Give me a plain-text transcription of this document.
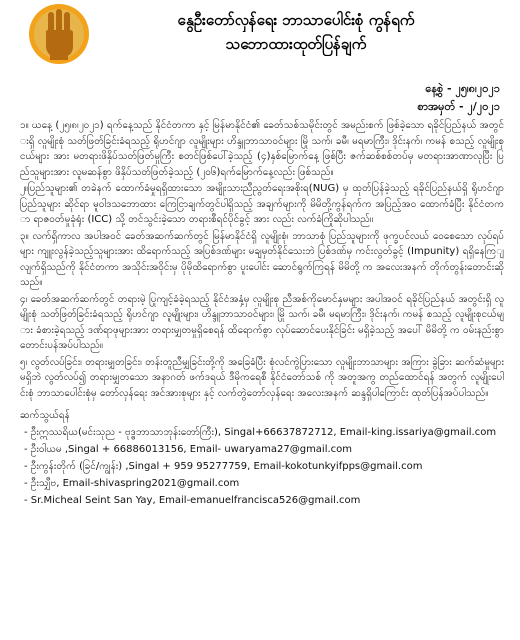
နွေဦးတော်လှန်ရေး ဘာသာပေါင်းစုံ ကွန်ရက်
သဘောထားထုတ်ပြန်ချက်
နေ့စွဲ - ၂၅၊၈၊၂၀၂၁
စာအမှတ် - ၂/၂၀၂၁

၁။ ယနေ့ (၂၅၊၈၊၂၀၂၁) ရက်နေ့သည် နိုင်ငံတကာ နှင့် မြန်မာနိုင်ငံ၏ ခေတ်သစ်သမိုင်းတွင် အမည်းစက် ဖြစ်ခဲ့သော ရခိုင်ပြည်နယ် အတွင်းရှိ လူမျိုးစုံ သတ်ဖြတ်ခြင်းခံရသည့် ရိုဟင်ဂျာ လူမျိုးများ ဟိန္ဒူဘာသာဝင်များ မြို သက်၊ ခမီ၊ မရမာကြီး၊ ဒိုင်းနက်၊ ကမန် စသည့် လူမျိုးစုငယ်များ အား မတရားဖိနှိပ်သတ်ဖြတ်မှုကြီး စတင်ဖြစ်ပေါ်ခဲ့သည့် (၄)နှစ်မြောက်နေ့ ဖြစ်ပြီး ဇက်ဆစ်စစ်တပ်မှ မတရားအာဏာလုပြီး ပြည်သူများအား လူမဆန်စွာ ဖိနှိပ်သတ်ဖြတ်ခဲ့သည့် (၂၀၆)ရက်မြောက်နေ့လည်း ဖြစ်သည်။

၂။ပြည်သူများ၏ တခဲနက် ထောက်ခံမှုရရှိထားသော အမျိုးသားညီညွတ်ရေးအစိုးရ(NUG) မှ ထုတ်ပြန်ခဲ့သည့် ရခိုင်ပြည်နယ်ရှိ ရိုဟင်ဂျာ ပြည်သူများ ဆိုင်ရာ မူဝါဒသဘောထား ကြေငြာချက်တွင်ပါရှိသည့် အချက်များကို မိမိတို့ကွန်ရက်က အပြည့်အဝ ထောက်ခံပြီး နိုင်ငံတကာ ရာဇဝတ်မှုခုံရုံး (ICC) သို့ တင်သွင်းခဲ့သော တရားစီရင်ပိုင်ခွင့် အား လည်း လက်ခံကြိုဆိုပါသည်။

၃။ လက်ရှိကာလ အပါအဝင် ခေတ်အဆက်ဆက်တွင် မြန်မာနိုင်ငံရှိ လူမျိုးစုံ၊ ဘာသာစုံ ပြည်သူများကို ဖုက္ခပင်လယ် ဝေစေသော လုပ်ရပ်များ ကျူးလွန်ခဲ့သည့်သူများအား ထိရောက်သည့် အပြစ်ဒဏ်များ မချမှတ်နိုင်သေးဘဲ ပြစ်ဒဏ်မှ ကင်းလွတ်ခွင့် (Impunity) ရရှိနေကြျလျက်ရှိသည်ကို နိုင်ငံတကာ အသိုင်းအဝိုင်းမှ ပိုမိုထိရောက်စွာ ပူးပေါင်း ဆောင်ရွက်ကြရန် မိမိတို့ က အလေးအနက် တိုက်တွန်းတောင်းဆိုသည်။

၄၊ ခေတ်အဆက်ဆက်တွင် တရားမဲ့ ပြုကျင့်ခံခဲ့ရသည့် နိုင်ငံအနှံ့မှ လူမျိုးစု ညီအစ်ကိုမောင်နှမများ အပါအဝင် ရခိုင်ပြည်နယ် အတွင်းရှိ လူမျိုးစုံ သတ်ဖြတ်ခြင်းခံရသည့် ရိုဟင်ဂျာ လူမျိုးများ၊ ဟိန္ဒူဘာသာဝင်များ၊ မြို သက်၊ ခမီ၊ မရမာကြီး၊ ဒိုင်းနက်၊ ကမန် စသည့် လူမျိုးစုငယ်များ ခံစားခဲ့ရသည့် ဒဏ်ရာဖုများအား တရားမျှတမှုရှိစေရန် ထိရောက်စွာ လုပ်ဆောင်ပေးနိုင်ခြင်း မရှိခဲ့သည့် အပေါ် မိမိတို့ က ဝမ်းနည်းစွာ တောင်းပန်အပ်ပါသည်။

၅၊ လွတ်လပ်ခြင်း၊ တရားမျှတခြင်း၊ တန်းတူညီမျှခြင်းတို့ကို အခြေခံပြီး စုံလင်ကွဲပြားသော လူမျိုးဘာသာများ အကြား ခွဲခြား ဆက်ဆံမှုများ မရှိဘဲ လွတ်လပ်၍ တရားမျှတသော အနာဂတ် ဖက်ဒရယ် ဒီမိုကရေစီ နိုင်ငံတော်သစ် ကို အတူအကွ တည်ထောင်ရန် အတွက် လူမျိုးပေါင်းစုံ ဘာသာပေါင်းစုံမှ တော်လှန်ရေး အင်အားစုများ နှင့် လက်တွဲတော်လှန်ရေး အလေးအနက် ဆန္ဒရှိပါကြောင်း ထုတ်ပြန်အပ်ပါသည်။

ဆက်သွယ်ရန်
- ဦးဣဿရိယ(မင်းသုည - ဗုဒ္ဓဘာသာဘုန်းတော်ကြီး), Singal+66637872712, Email-king.issariya@gmail.com
- ဦးဝါယမ ,Singal + 66886013156, Email- uwaryama27@gmail.com
- ဦးကွန်းတိုက် (ခြင်/ကျွန်း) ,Singal + 959 95277759, Email-kokotunkyifpps@gmail.com
- ဦးသျှီဗ, Email-shivaspring2021@gmail.com
- Sr.Micheal Seint San Yay, Email-emanuelfrancisca526@gmail.com
